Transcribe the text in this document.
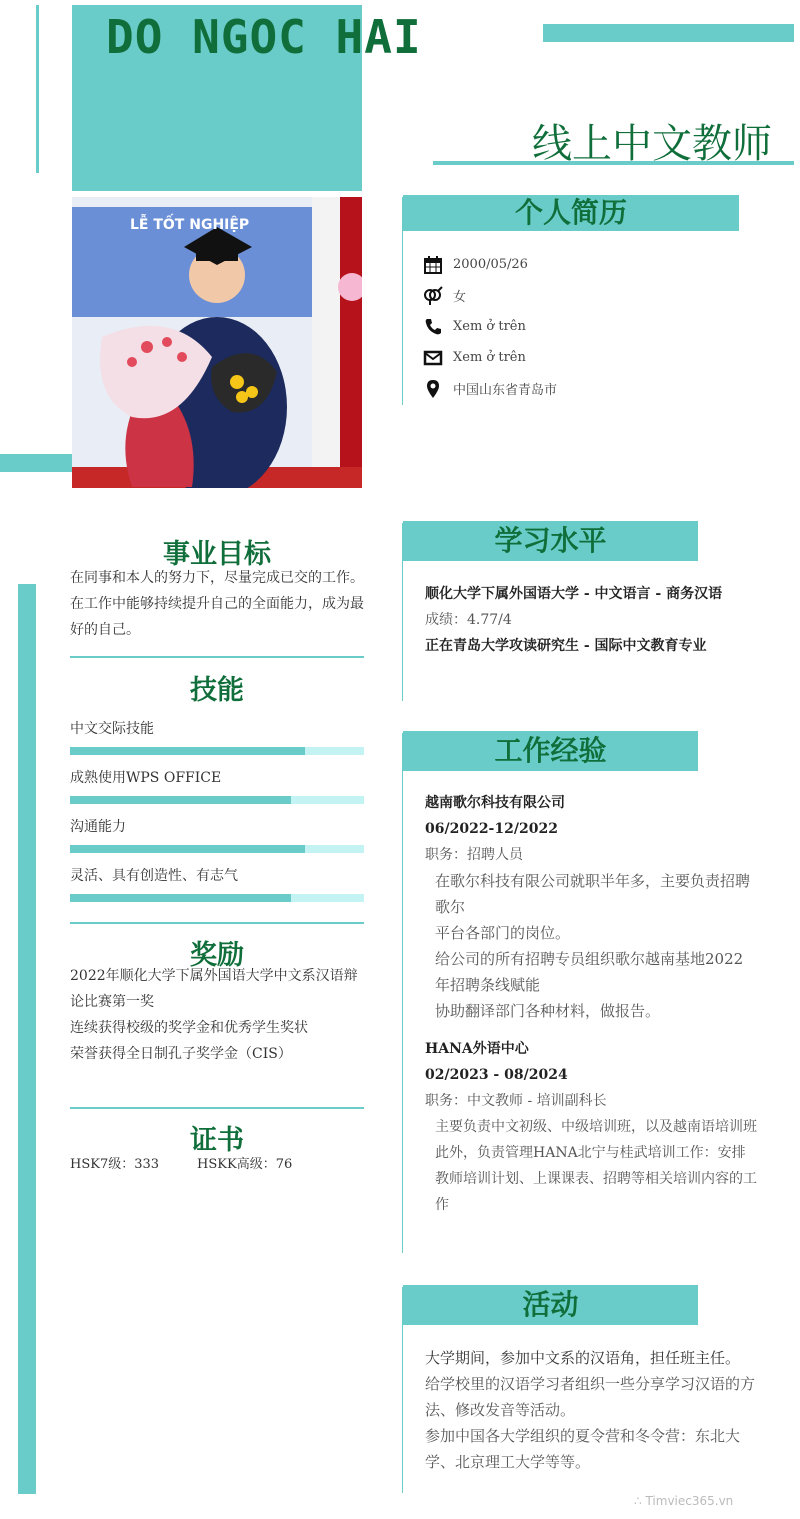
DO NGOC HAI
线上中文教师
LỄ TỐT NGHIỆP	个人简历
2000/05/26
女
Xem ở trên
Xem ở trên
中国山东省青岛市
事业目标
在同事和本人的努力下，尽量完成已交的工作。在工作中能够持续提升自己的全面能力，成为最好的自己。
技能
中文交际技能
成熟使用WPS OFFICE
沟通能力
灵活、具有创造性、有志气
奖励
2022年顺化大学下属外国语大学中文系汉语辩论比赛第一奖
连续获得校级的奖学金和优秀学生奖状
荣誉获得全日制孔子奖学金（CIS）
证书
HSK7级：333	HSKK高级：76
学习水平
顺化大学下属外国语大学 - 中文语言 - 商务汉语
成绩：4.77/4
正在青岛大学攻读研究生 - 国际中文教育专业
工作经验
越南歌尔科技有限公司
06/2022-12/2022
职务：招聘人员
在歌尔科技有限公司就职半年多，主要负责招聘歌尔
平台各部门的岗位。
给公司的所有招聘专员组织歌尔越南基地2022年招聘条线赋能
协助翻译部门各种材料，做报告。
HANA外语中心
02/2023 - 08/2024
职务：中文教师 - 培训副科长
主要负责中文初级、中级培训班，以及越南语培训班
此外，负责管理HANA北宁与桂武培训工作：安排教师培训计划、上课课表、招聘等相关培训内容的工作
活动
大学期间，参加中文系的汉语角，担任班主任。
给学校里的汉语学习者组织一些分享学习汉语的方法、修改发音等活动。
参加中国各大学组织的夏令营和冬令营：东北大学、北京理工大学等等。
∴ Timviec365.vn
